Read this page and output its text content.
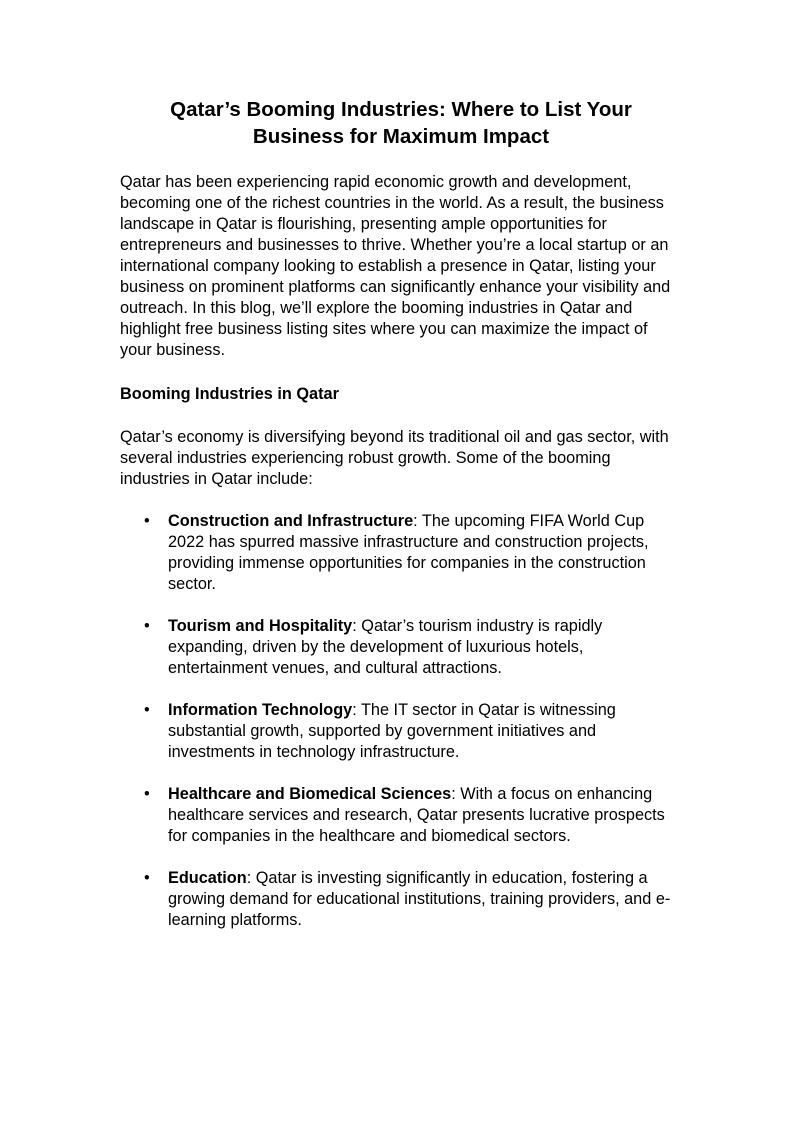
Qatar’s Booming Industries: Where to List Your
Business for Maximum Impact

Qatar has been experiencing rapid economic growth and development, becoming one of the richest countries in the world. As a result, the business landscape in Qatar is flourishing, presenting ample opportunities for entrepreneurs and businesses to thrive. Whether you’re a local startup or an international company looking to establish a presence in Qatar, listing your business on prominent platforms can significantly enhance your visibility and outreach. In this blog, we’ll explore the booming industries in Qatar and highlight free business listing sites where you can maximize the impact of your business.

Booming Industries in Qatar

Qatar’s economy is diversifying beyond its traditional oil and gas sector, with several industries experiencing robust growth. Some of the booming industries in Qatar include:

• Construction and Infrastructure: The upcoming FIFA World Cup 2022 has spurred massive infrastructure and construction projects, providing immense opportunities for companies in the construction sector.
• Tourism and Hospitality: Qatar’s tourism industry is rapidly expanding, driven by the development of luxurious hotels, entertainment venues, and cultural attractions.
• Information Technology: The IT sector in Qatar is witnessing substantial growth, supported by government initiatives and investments in technology infrastructure.
• Healthcare and Biomedical Sciences: With a focus on enhancing healthcare services and research, Qatar presents lucrative prospects for companies in the healthcare and biomedical sectors.
• Education: Qatar is investing significantly in education, fostering a growing demand for educational institutions, training providers, and e-learning platforms.
